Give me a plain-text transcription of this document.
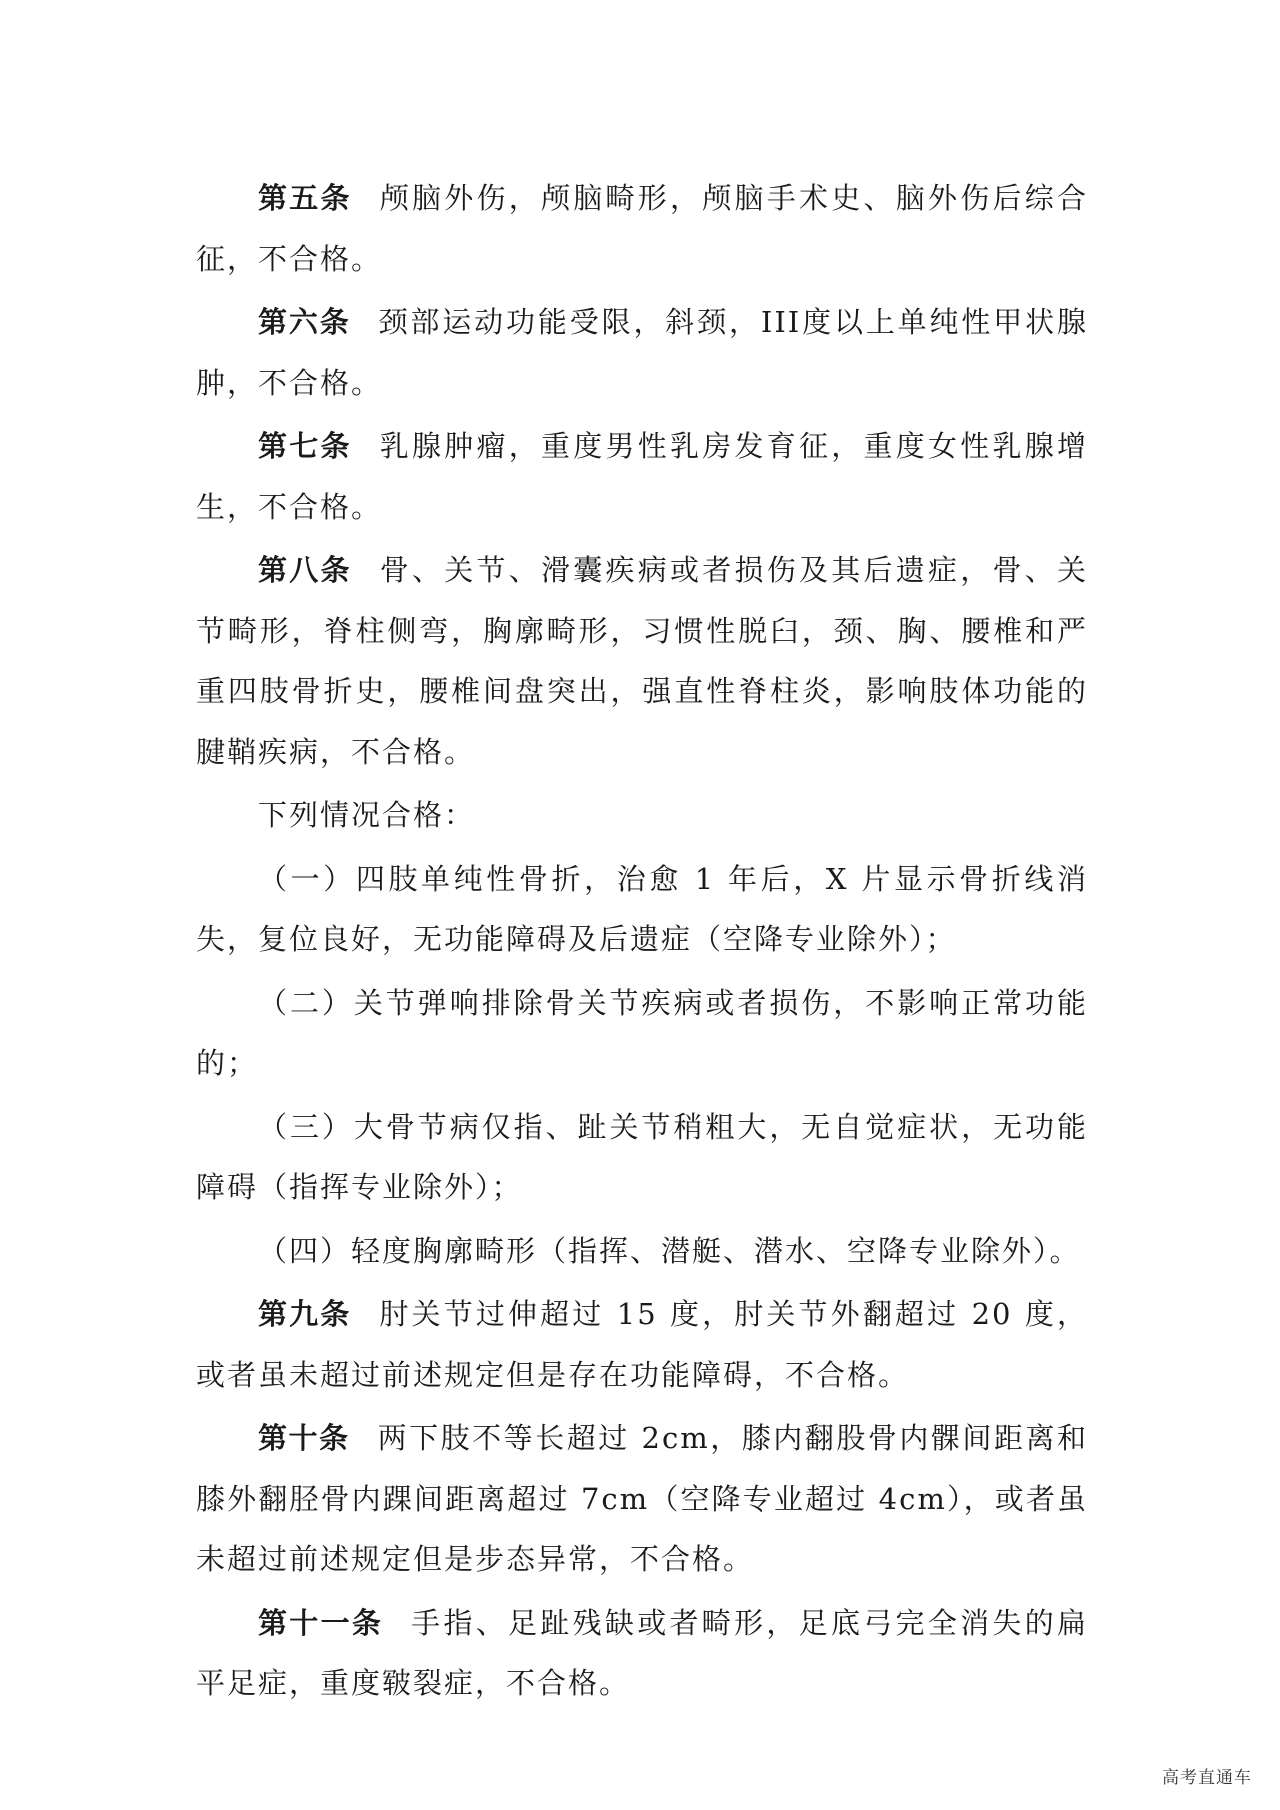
第五条 颅脑外伤，颅脑畸形，颅脑手术史、脑外伤后综合征，不合格。

第六条 颈部运动功能受限，斜颈，III度以上单纯性甲状腺肿，不合格。

第七条 乳腺肿瘤，重度男性乳房发育征，重度女性乳腺增生，不合格。

第八条 骨、关节、滑囊疾病或者损伤及其后遗症，骨、关节畸形，脊柱侧弯，胸廓畸形，习惯性脱臼，颈、胸、腰椎和严重四肢骨折史，腰椎间盘突出，强直性脊柱炎，影响肢体功能的腱鞘疾病，不合格。

下列情况合格：

（一）四肢单纯性骨折，治愈 1 年后，X 片显示骨折线消失，复位良好，无功能障碍及后遗症（空降专业除外）；

（二）关节弹响排除骨关节疾病或者损伤，不影响正常功能的；

（三）大骨节病仅指、趾关节稍粗大，无自觉症状，无功能障碍（指挥专业除外）；

（四）轻度胸廓畸形（指挥、潜艇、潜水、空降专业除外）。

第九条 肘关节过伸超过 15 度，肘关节外翻超过 20 度，或者虽未超过前述规定但是存在功能障碍，不合格。

第十条 两下肢不等长超过 2cm，膝内翻股骨内髁间距离和膝外翻胫骨内踝间距离超过 7cm（空降专业超过 4cm），或者虽未超过前述规定但是步态异常，不合格。

第十一条 手指、足趾残缺或者畸形，足底弓完全消失的扁平足症，重度皲裂症，不合格。

高考直通车
